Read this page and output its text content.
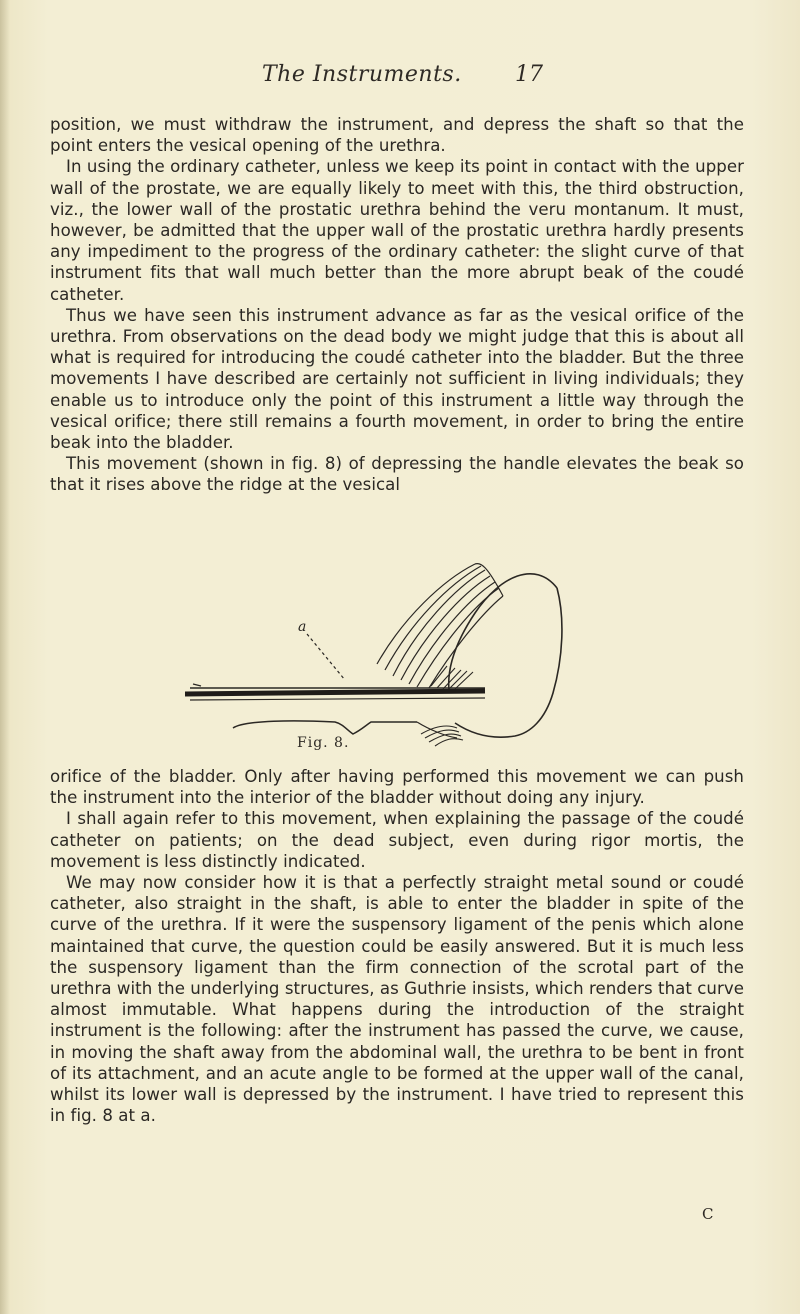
The Instruments. 17

position, we must withdraw the instrument, and depress the shaft so that the point enters the vesical opening of the urethra.

In using the ordinary catheter, unless we keep its point in contact with the upper wall of the prostate, we are equally likely to meet with this, the third obstruction, viz., the lower wall of the prostatic urethra behind the veru montanum. It must, however, be admitted that the upper wall of the prostatic urethra hardly presents any impediment to the progress of the ordinary catheter: the slight curve of that instrument fits that wall much better than the more abrupt beak of the coudé catheter.

Thus we have seen this instrument advance as far as the vesical orifice of the urethra. From observations on the dead body we might judge that this is about all what is required for introducing the coudé catheter into the bladder. But the three movements I have described are certainly not sufficient in living individuals; they enable us to introduce only the point of this instrument a little way through the vesical orifice; there still remains a fourth movement, in order to bring the entire beak into the bladder.

This movement (shown in fig. 8) of depressing the handle elevates the beak so that it rises above the ridge at the vesical

a
Fig. 8.

orifice of the bladder. Only after having performed this movement we can push the instrument into the interior of the bladder without doing any injury.

I shall again refer to this movement, when explaining the passage of the coudé catheter on patients; on the dead subject, even during rigor mortis, the movement is less distinctly indicated.

We may now consider how it is that a perfectly straight metal sound or coudé catheter, also straight in the shaft, is able to enter the bladder in spite of the curve of the urethra. If it were the suspensory ligament of the penis which alone maintained that curve, the question could be easily answered. But it is much less the suspensory ligament than the firm connection of the scrotal part of the urethra with the underlying structures, as Guthrie insists, which renders that curve almost immutable. What happens during the introduction of the straight instrument is the following: after the instrument has passed the curve, we cause, in moving the shaft away from the abdominal wall, the urethra to be bent in front of its attachment, and an acute angle to be formed at the upper wall of the canal, whilst its lower wall is depressed by the instrument. I have tried to represent this in fig. 8 at a.

C
